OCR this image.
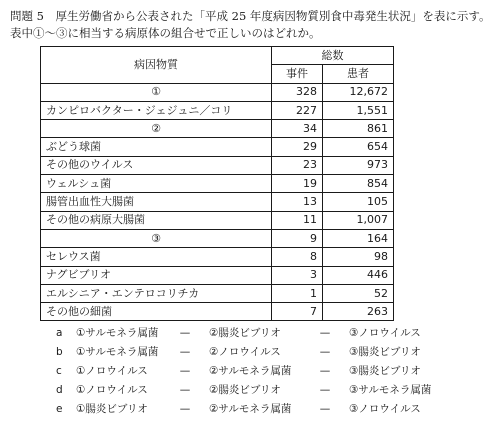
問題 5　厚生労働省から公表された「平成 25 年度病因物質別食中毒発生状況」を表に示す。
表中①～③に相当する病原体の組合せで正しいのはどれか。
病因物質	総数	
	事件	患者
①	328	12,672
カンピロバクター・ジェジュニ／コリ	227	1,551
②	34	861
ぶどう球菌	29	654
その他のウイルス	23	973
ウェルシュ菌	19	854
腸管出血性大腸菌	13	105
その他の病原大腸菌	11	1,007
③	9	164
セレウス菌	8	98
ナグビブリオ	3	446
エルシニア・エンテロコリチカ	1	52
その他の細菌	7	263
a	①サルモネラ属菌	—	②腸炎ビブリオ	—	③ノロウイルス
b	①サルモネラ属菌	—	②ノロウイルス	—	③腸炎ビブリオ
c	①ノロウイルス	—	②サルモネラ属菌	—	③腸炎ビブリオ
d	①ノロウイルス	—	②腸炎ビブリオ	—	③サルモネラ属菌
e	①腸炎ビブリオ	—	②サルモネラ属菌	—	③ノロウイルス
